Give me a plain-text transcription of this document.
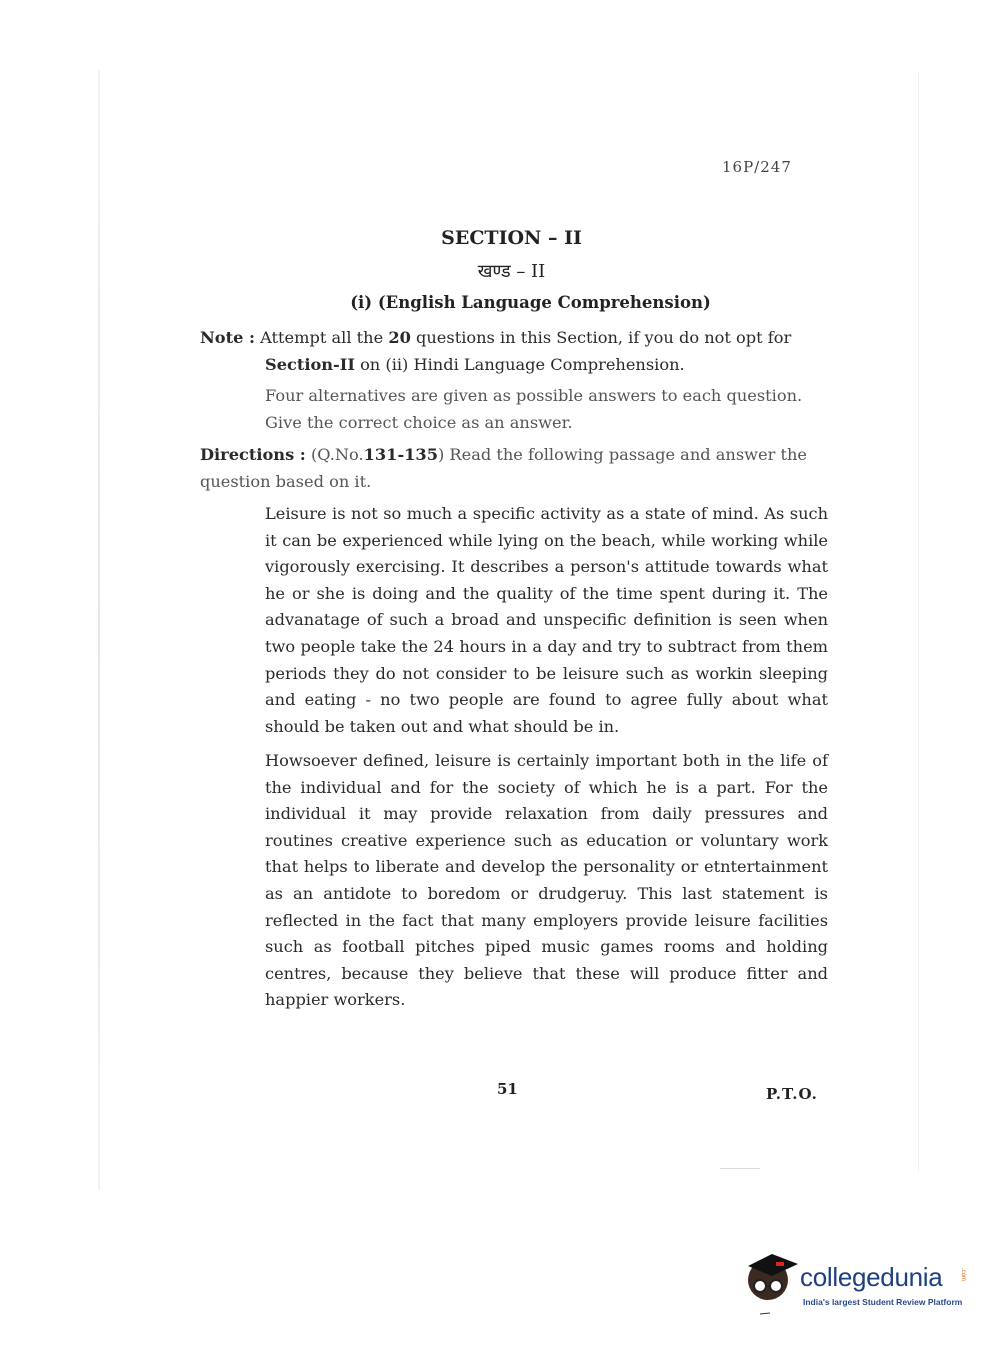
16P/247
SECTION – II
खण्ड – II
(i) (English Language Comprehension)
Note : Attempt all the 20 questions in this Section, if you do not opt for
Section-II on (ii) Hindi Language Comprehension.
Four alternatives are given as possible answers to each question. Give the correct choice as an answer.
Directions : (Q.No.131-135) Read the following passage and answer the question based on it.
Leisure is not so much a specific activity as a state of mind. As such it can be experienced while lying on the beach, while working while vigorously exercising. It describes a person's attitude towards what he or she is doing and the quality of the time spent during it. The advanatage of such a broad and unspecific definition is seen when two people take the 24 hours in a day and try to subtract from them periods they do not consider to be leisure such as workin sleeping and eating - no two people are found to agree fully about what should be taken out and what should be in.
Howsoever defined, leisure is certainly important both in the life of the individual and for the society of which he is a part. For the individual it may provide relaxation from daily pressures and routines creative experience such as education or voluntary work that helps to liberate and develop the personality or etntertainment as an antidote to boredom or drudgeruy. This last statement is reflected in the fact that many employers provide leisure facilities such as football pitches piped music games rooms and holding centres, because they believe that these will produce fitter and happier workers.
51	P.T.O.
collegedunia	.com
India's largest Student Review Platform
